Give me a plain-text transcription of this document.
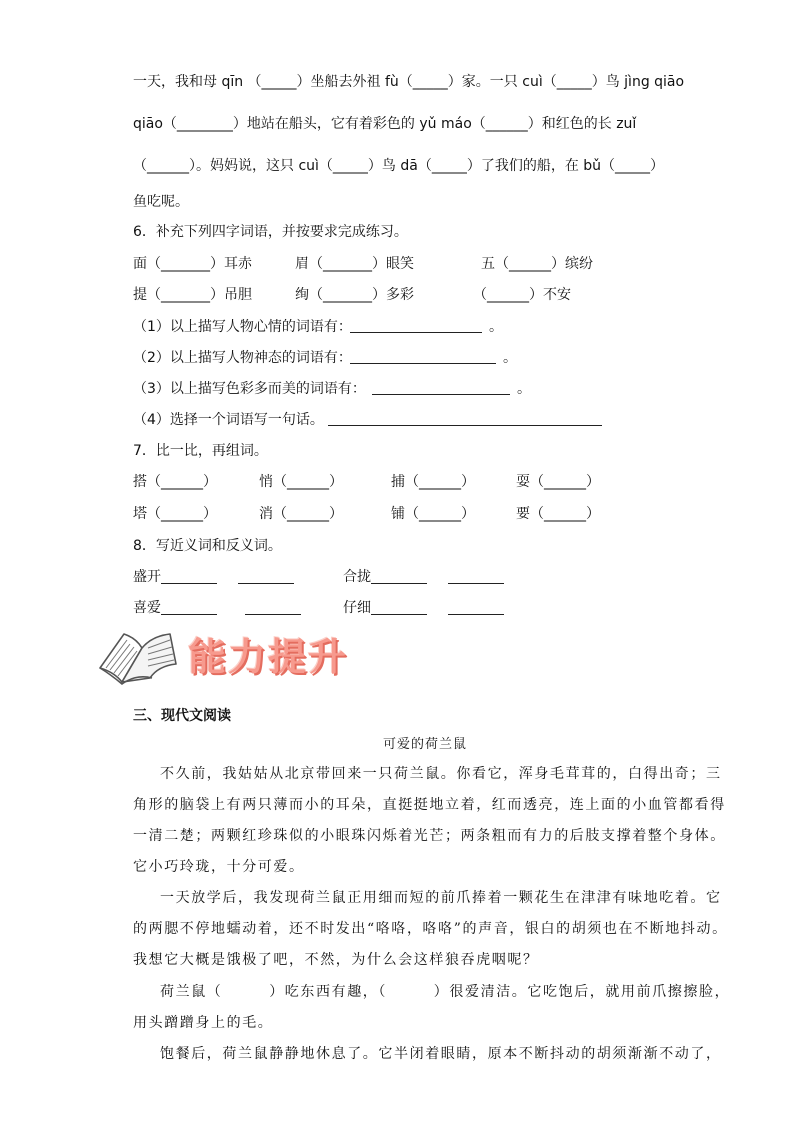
一天，我和母 qīn （_____）坐船去外祖 fù（_____）家。一只 cuì（_____）鸟 jìng qiāo
qiāo（________）地站在船头，它有着彩色的 yǔ máo（______）和红色的长 zuǐ
（______）。妈妈说，这只 cuì（_____）鸟 dā（_____）了我们的船，在 bǔ（_____）
鱼吃呢。
6．补充下列四字词语，并按要求完成练习。
面（_______）耳赤	眉（_______）眼笑	五（______）缤纷
提（_______）吊胆	绚（_______）多彩	（______）不安
（1）以上描写人物心情的词语有：	。
（2）以上描写人物神态的词语有：	。
（3）以上描写色彩多而美的词语有：	。
（4）选择一个词语写一句话。
7．比一比，再组词。
搭（______）	悄（______）	捕（______）	耍（______）
塔（______）	消（______）	铺（______）	要（______）
8．写近义词和反义词。
盛开	合拢
喜爱	仔细
能力提升
三、现代文阅读
可爱的荷兰鼠
不久前，我姑姑从北京带回来一只荷兰鼠。你看它，浑身毛茸茸的，白得出奇；三
角形的脑袋上有两只薄而小的耳朵，直挺挺地立着，红而透亮，连上面的小血管都看得
一清二楚；两颗红珍珠似的小眼珠闪烁着光芒；两条粗而有力的后肢支撑着整个身体。
它小巧玲珑，十分可爱。
一天放学后，我发现荷兰鼠正用细而短的前爪捧着一颗花生在津津有味地吃着。它
的两腮不停地蠕动着，还不时发出“咯咯，咯咯”的声音，银白的胡须也在不断地抖动。
我想它大概是饿极了吧，不然，为什么会这样狼吞虎咽呢？
荷兰鼠（　　　）吃东西有趣，（　　　）很爱清洁。它吃饱后，就用前爪擦擦脸，
用头蹭蹭身上的毛。
饱餐后，荷兰鼠静静地休息了。它半闭着眼睛，原本不断抖动的胡须渐渐不动了，
